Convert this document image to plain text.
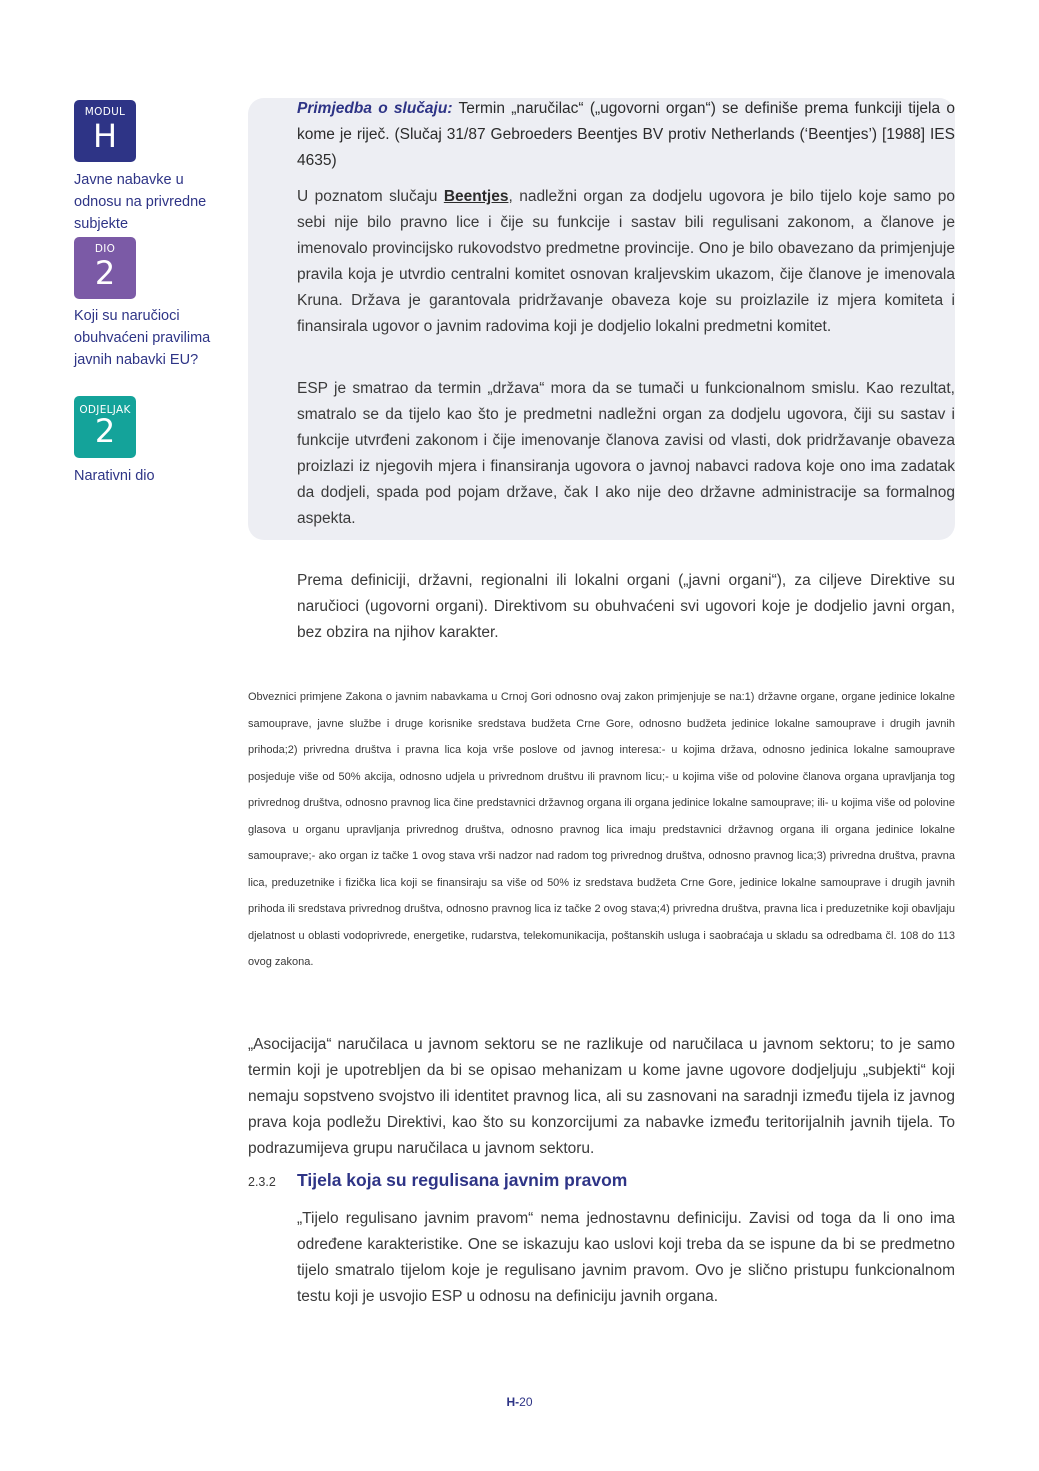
MODUL
H
Javne nabavke u odnosu na privredne subjekte
DIO
2
Koji su naručioci obuhvaćeni pravilima javnih nabavki EU?
ODJELJAK
2
Narativni dio

Primjedba o slučaju: Termin „naručilac“ („ugovorni organ“) se definiše prema funkciji tijela o kome je riječ. (Slučaj 31/87 Gebroeders Beentjes BV protiv Netherlands (‘Beentjes’) [1988] IES 4635)

U poznatom slučaju Beentjes, nadležni organ za dodjelu ugovora je bilo tijelo koje samo po sebi nije bilo pravno lice i čije su funkcije i sastav bili regulisani zakonom, a članove je imenovalo provincijsko rukovodstvo predmetne provincije. Ono je bilo obavezano da primjenjuje pravila koja je utvrdio centralni komitet osnovan kraljevskim ukazom, čije članove je imenovala Kruna. Država je garantovala pridržavanje obaveza koje su proizlazile iz mjera komiteta i finansirala ugovor o javnim radovima koji je dodjelio lokalni predmetni komitet.

ESP je smatrao da termin „država“ mora da se tumači u funkcionalnom smislu. Kao rezultat, smatralo se da tijelo kao što je predmetni nadležni organ za dodjelu ugovora, čiji su sastav i funkcije utvrđeni zakonom i čije imenovanje članova zavisi od vlasti, dok pridržavanje obaveza proizlazi iz njegovih mjera i finansiranja ugovora o javnoj nabavci radova koje ono ima zadatak da dodjeli, spada pod pojam države, čak I ako nije deo državne administracije sa formalnog aspekta.

Prema definiciji, državni, regionalni ili lokalni organi („javni organi“), za ciljeve Direktive su naručioci (ugovorni organi). Direktivom su obuhvaćeni svi ugovori koje je dodjelio javni organ, bez obzira na njihov karakter.

Obveznici primjene Zakona o javnim nabavkama u Crnoj Gori odnosno ovaj zakon primjenjuje se na:1) državne organe, organe jedinice lokalne samouprave, javne službe i druge korisnike sredstava budžeta Crne Gore, odnosno budžeta jedinice lokalne samouprave i drugih javnih prihoda;2) privredna društva i pravna lica koja vrše poslove od javnog interesa:- u kojima država, odnosno jedinica lokalne samouprave posjeduje više od 50% akcija, odnosno udjela u privrednom društvu ili pravnom licu;- u kojima više od polovine članova organa upravljanja tog privrednog društva, odnosno pravnog lica čine predstavnici državnog organa ili organa jedinice lokalne samouprave; ili- u kojima više od polovine glasova u organu upravljanja privrednog društva, odnosno pravnog lica imaju predstavnici državnog organa ili organa jedinice lokalne samouprave;- ako organ iz tačke 1 ovog stava vrši nadzor nad radom tog privrednog društva, odnosno pravnog lica;3) privredna društva, pravna lica, preduzetnike i fizička lica koji se finansiraju sa više od 50% iz sredstava budžeta Crne Gore, jedinice lokalne samouprave i drugih javnih prihoda ili sredstava privrednog društva, odnosno pravnog lica iz tačke 2 ovog stava;4) privredna društva, pravna lica i preduzetnike koji obavljaju djelatnost u oblasti vodoprivrede, energetike, rudarstva, telekomunikacija, poštanskih usluga i saobraćaja u skladu sa odredbama čl. 108 do 113 ovog zakona.

„Asocijacija“ naručilaca u javnom sektoru se ne razlikuje od naručilaca u javnom sektoru; to je samo termin koji je upotrebljen da bi se opisao mehanizam u kome javne ugovore dodjeljuju „subjekti“ koji nemaju sopstveno svojstvo ili identitet pravnog lica, ali su zasnovani na saradnji između tijela iz javnog prava koja podležu Direktivi, kao što su konzorcijumi za nabavke između teritorijalnih javnih tijela. To podrazumijeva grupu naručilaca u javnom sektoru.

2.3.2 Tijela koja su regulisana javnim pravom

„Tijelo regulisano javnim pravom“ nema jednostavnu definiciju. Zavisi od toga da li ono ima određene karakteristike. One se iskazuju kao uslovi koji treba da se ispune da bi se predmetno tijelo smatralo tijelom koje je regulisano javnim pravom. Ovo je slično pristupu funkcionalnom testu koji je usvojio ESP u odnosu na definiciju javnih organa.

H-20
